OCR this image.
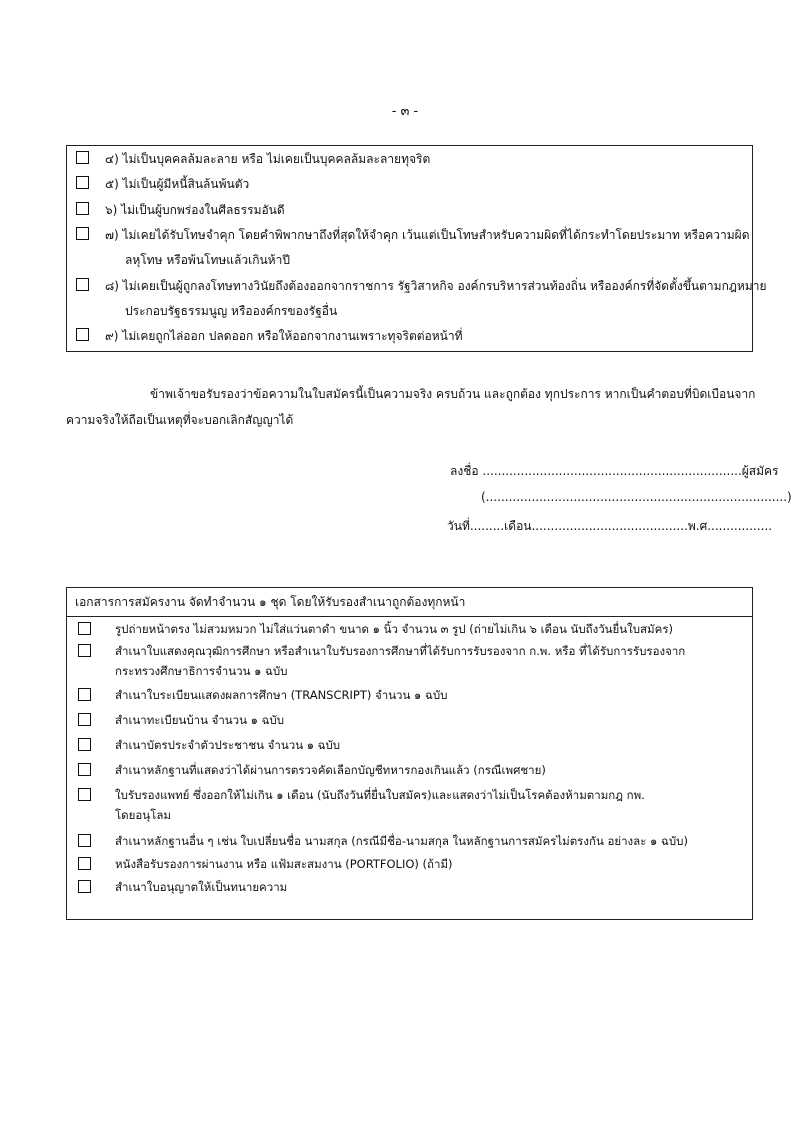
- ๓ -
๔) ไม่เป็นบุคคลล้มละลาย หรือ ไม่เคยเป็นบุคคลล้มละลายทุจริต
๕) ไม่เป็นผู้มีหนี้สินล้นพ้นตัว
๖) ไม่เป็นผู้บกพร่องในศีลธรรมอันดี
๗) ไม่เคยได้รับโทษจำคุก โดยคำพิพากษาถึงที่สุดให้จำคุก เว้นแต่เป็นโทษสำหรับความผิดที่ได้กระทำโดยประมาท หรือความผิด
ลหุโทษ หรือพ้นโทษแล้วเกินห้าปี
๘) ไม่เคยเป็นผู้ถูกลงโทษทางวินัยถึงต้องออกจากราชการ รัฐวิสาหกิจ องค์กรบริหารส่วนท้องถิ่น หรือองค์กรที่จัดตั้งขึ้นตามกฎหมาย
ประกอบรัฐธรรมนูญ หรือองค์กรของรัฐอื่น
๙) ไม่เคยถูกไล่ออก ปลดออก หรือให้ออกจากงานเพราะทุจริตต่อหน้าที่
ข้าพเจ้าขอรับรองว่าข้อความในใบสมัครนี้เป็นความจริง ครบถ้วน และถูกต้อง ทุกประการ หากเป็นคำตอบที่บิดเบือนจาก
ความจริงให้ถือเป็นเหตุที่จะบอกเลิกสัญญาได้
ลงชื่อ ....................................................................ผู้สมัคร
(...............................................................................)
วันที่.........เดือน.........................................พ.ศ.................
เอกสารการสมัครงาน จัดทำจำนวน ๑ ชุด โดยให้รับรองสำเนาถูกต้องทุกหน้า
รูปถ่ายหน้าตรง ไม่สวมหมวก ไม่ใส่แว่นตาดำ ขนาด ๑ นิ้ว จำนวน ๓ รูป (ถ่ายไม่เกิน ๖ เดือน นับถึงวันยื่นใบสมัคร)
สำเนาใบแสดงคุณวุฒิการศึกษา หรือสำเนาใบรับรองการศึกษาที่ได้รับการรับรองจาก ก.พ. หรือ ที่ได้รับการรับรองจาก
กระทรวงศึกษาธิการจำนวน ๑ ฉบับ
สำเนาใบระเบียนแสดงผลการศึกษา (TRANSCRIPT) จำนวน ๑ ฉบับ
สำเนาทะเบียนบ้าน จำนวน ๑ ฉบับ
สำเนาบัตรประจำตัวประชาชน จำนวน ๑ ฉบับ
สำเนาหลักฐานที่แสดงว่าได้ผ่านการตรวจคัดเลือกบัญชีทหารกองเกินแล้ว (กรณีเพศชาย)
ใบรับรองแพทย์ ซึ่งออกให้ไม่เกิน ๑ เดือน (นับถึงวันที่ยื่นใบสมัคร)และแสดงว่าไม่เป็นโรคต้องห้ามตามกฎ กพ.
โดยอนุโลม
สำเนาหลักฐานอื่น ๆ เช่น ใบเปลี่ยนชื่อ นามสกุล (กรณีมีชื่อ-นามสกุล ในหลักฐานการสมัครไม่ตรงกัน อย่างละ ๑ ฉบับ)
หนังสือรับรองการผ่านงาน หรือ แฟ้มสะสมงาน (PORTFOLIO) (ถ้ามี)
สำเนาใบอนุญาตให้เป็นทนายความ
